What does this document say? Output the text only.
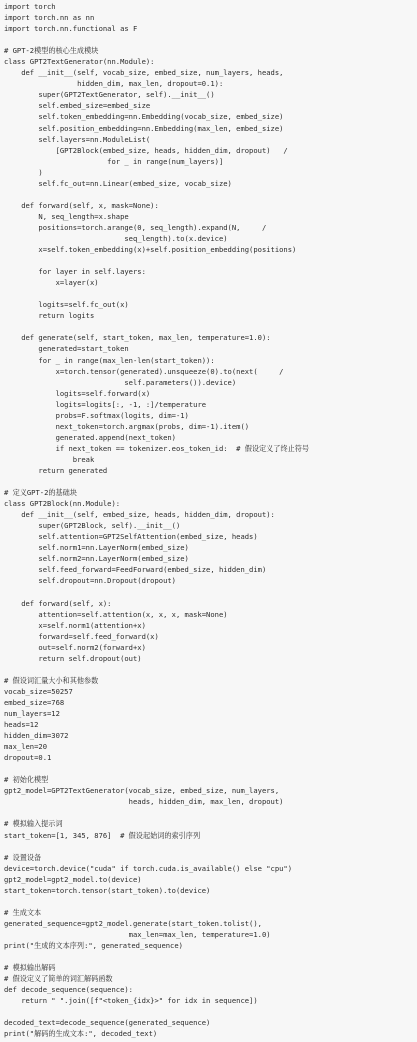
import torch
import torch.nn as nn
import torch.nn.functional as F
# GPT-2模型的核心生成模块
class GPT2TextGenerator(nn.Module):
def __init__(self, vocab_size, embed_size, num_layers, heads,
hidden_dim, max_len, dropout=0.1):
super(GPT2TextGenerator, self).__init__()
self.embed_size=embed_size
self.token_embedding=nn.Embedding(vocab_size, embed_size)
self.position_embedding=nn.Embedding(max_len, embed_size)
self.layers=nn.ModuleList(
[GPT2Block(embed_size, heads, hidden_dim, dropout)   /
for _ in range(num_layers)]
)
self.fc_out=nn.Linear(embed_size, vocab_size)
def forward(self, x, mask=None):
N, seq_length=x.shape
positions=torch.arange(0, seq_length).expand(N,     /
seq_length).to(x.device)
x=self.token_embedding(x)+self.position_embedding(positions)
for layer in self.layers:
x=layer(x)
logits=self.fc_out(x)
return logits
def generate(self, start_token, max_len, temperature=1.0):
generated=start_token
for _ in range(max_len-len(start_token)):
x=torch.tensor(generated).unsqueeze(0).to(next(     /
self.parameters()).device)
logits=self.forward(x)
logits=logits[:, -1, :]/temperature
probs=F.softmax(logits, dim=-1)
next_token=torch.argmax(probs, dim=-1).item()
generated.append(next_token)
if next_token == tokenizer.eos_token_id:  # 假设定义了终止符号
break
return generated
# 定义GPT-2的基础块
class GPT2Block(nn.Module):
def __init__(self, embed_size, heads, hidden_dim, dropout):
super(GPT2Block, self).__init__()
self.attention=GPT2SelfAttention(embed_size, heads)
self.norm1=nn.LayerNorm(embed_size)
self.norm2=nn.LayerNorm(embed_size)
self.feed_forward=FeedForward(embed_size, hidden_dim)
self.dropout=nn.Dropout(dropout)
def forward(self, x):
attention=self.attention(x, x, x, mask=None)
x=self.norm1(attention+x)
forward=self.feed_forward(x)
out=self.norm2(forward+x)
return self.dropout(out)
# 假设词汇量大小和其他参数
vocab_size=50257
embed_size=768
num_layers=12
heads=12
hidden_dim=3072
max_len=20
dropout=0.1
# 初始化模型
gpt2_model=GPT2TextGenerator(vocab_size, embed_size, num_layers,
heads, hidden_dim, max_len, dropout)
# 模拟输入提示词
start_token=[1, 345, 876]  # 假设起始词的索引序列
# 设置设备
device=torch.device("cuda" if torch.cuda.is_available() else "cpu")
gpt2_model=gpt2_model.to(device)
start_token=torch.tensor(start_token).to(device)
# 生成文本
generated_sequence=gpt2_model.generate(start_token.tolist(),
max_len=max_len, temperature=1.0)
print("生成的文本序列:", generated_sequence)
# 模拟输出解码
# 假设定义了简单的词汇解码函数
def decode_sequence(sequence):
return " ".join([f"<token_{idx}>" for idx in sequence])
decoded_text=decode_sequence(generated_sequence)
print("解码的生成文本:", decoded_text)
